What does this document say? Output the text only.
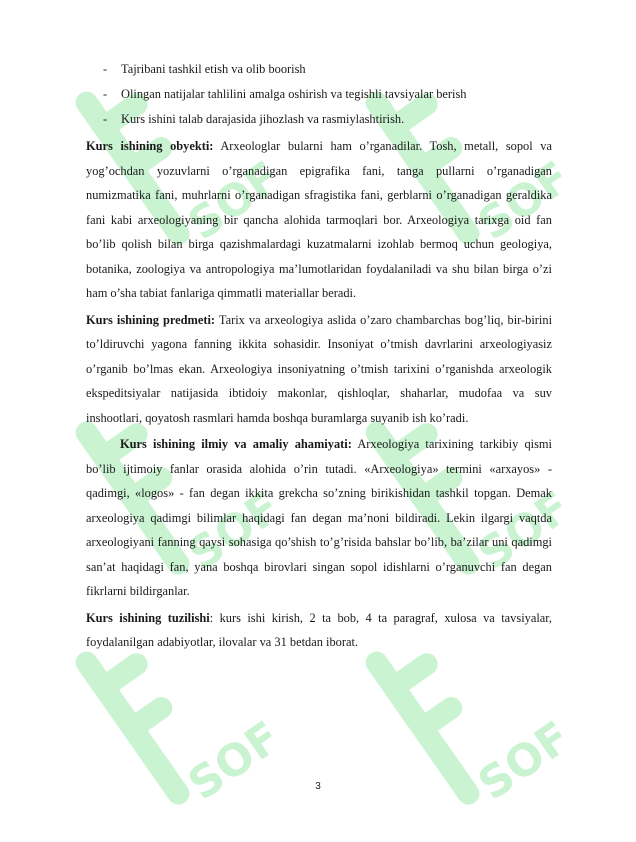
SOF	SOF
SOF	SOF
SOF	SOF
- Tajribani tashkil etish va olib boorish
- Olingan natijalar tahlilini amalga oshirish va tegishli tavsiyalar berish
- Kurs ishini talab darajasida jihozlash va rasmiylashtirish.

Kurs ishining obyekti: Arxeologlar bularni ham o’rganadilar. Tosh, metall, sopol va yog’ochdan yozuvlarni o’rganadigan epigrafika fani, tanga pullarni o’rganadigan numizmatika fani, muhrlarni o’rganadigan sfragistika fani, gerblarni o’rganadigan geraldika fani kabi arxeologiyaning bir qancha alohida tarmoqlari bor. Arxeologiya tarixga oid fan bo’lib qolish bilan birga qazishmalardagi kuzatmalarni izohlab bermoq uchun geologiya, botanika, zoologiya va antropologiya ma’lumotlaridan foydalaniladi va shu bilan birga o’zi ham o’sha tabiat fanlariga qimmatli materiallar beradi.

Kurs ishining predmeti: Tarix va arxeologiya aslida o’zaro chambarchas bog’liq, bir-birini to’ldiruvchi yagona fanning ikkita sohasidir. Insoniyat o’tmish davrlarini arxeologiyasiz o’rganib bo’lmas ekan. Arxeologiya insoniyatning o’tmish tarixini o’rganishda arxeologik ekspeditsiyalar natijasida ibtidoiy makonlar, qishloqlar, shaharlar, mudofaa va suv inshootlari, qoyatosh rasmlari hamda boshqa buramlarga suyanib ish ko’radi.

Kurs ishining ilmiy va amaliy ahamiyati: Arxeologiya tarixining tarkibiy qismi bo’lib ijtimoiy fanlar orasida alohida o’rin tutadi. «Arxeologiya» termini «arxayos» - qadimgi, «logos» - fan degan ikkita grekcha so’zning birikishidan tashkil topgan. Demak arxeologiya qadimgi bilimlar haqidagi fan degan ma’noni bildiradi. Lekin ilgargi vaqtda arxeologiyani fanning qaysi sohasiga qo’shish to’g’risida bahslar bo’lib, ba’zilar uni qadimgi san’at haqidagi fan, yana boshqa birovlari singan sopol idishlarni o’rganuvchi fan degan fikrlarni bildirganlar.

Kurs ishining tuzilishi: kurs ishi kirish, 2 ta bob, 4 ta paragraf, xulosa va tavsiyalar, foydalanilgan adabiyotlar, ilovalar va 31 betdan iborat.

3
